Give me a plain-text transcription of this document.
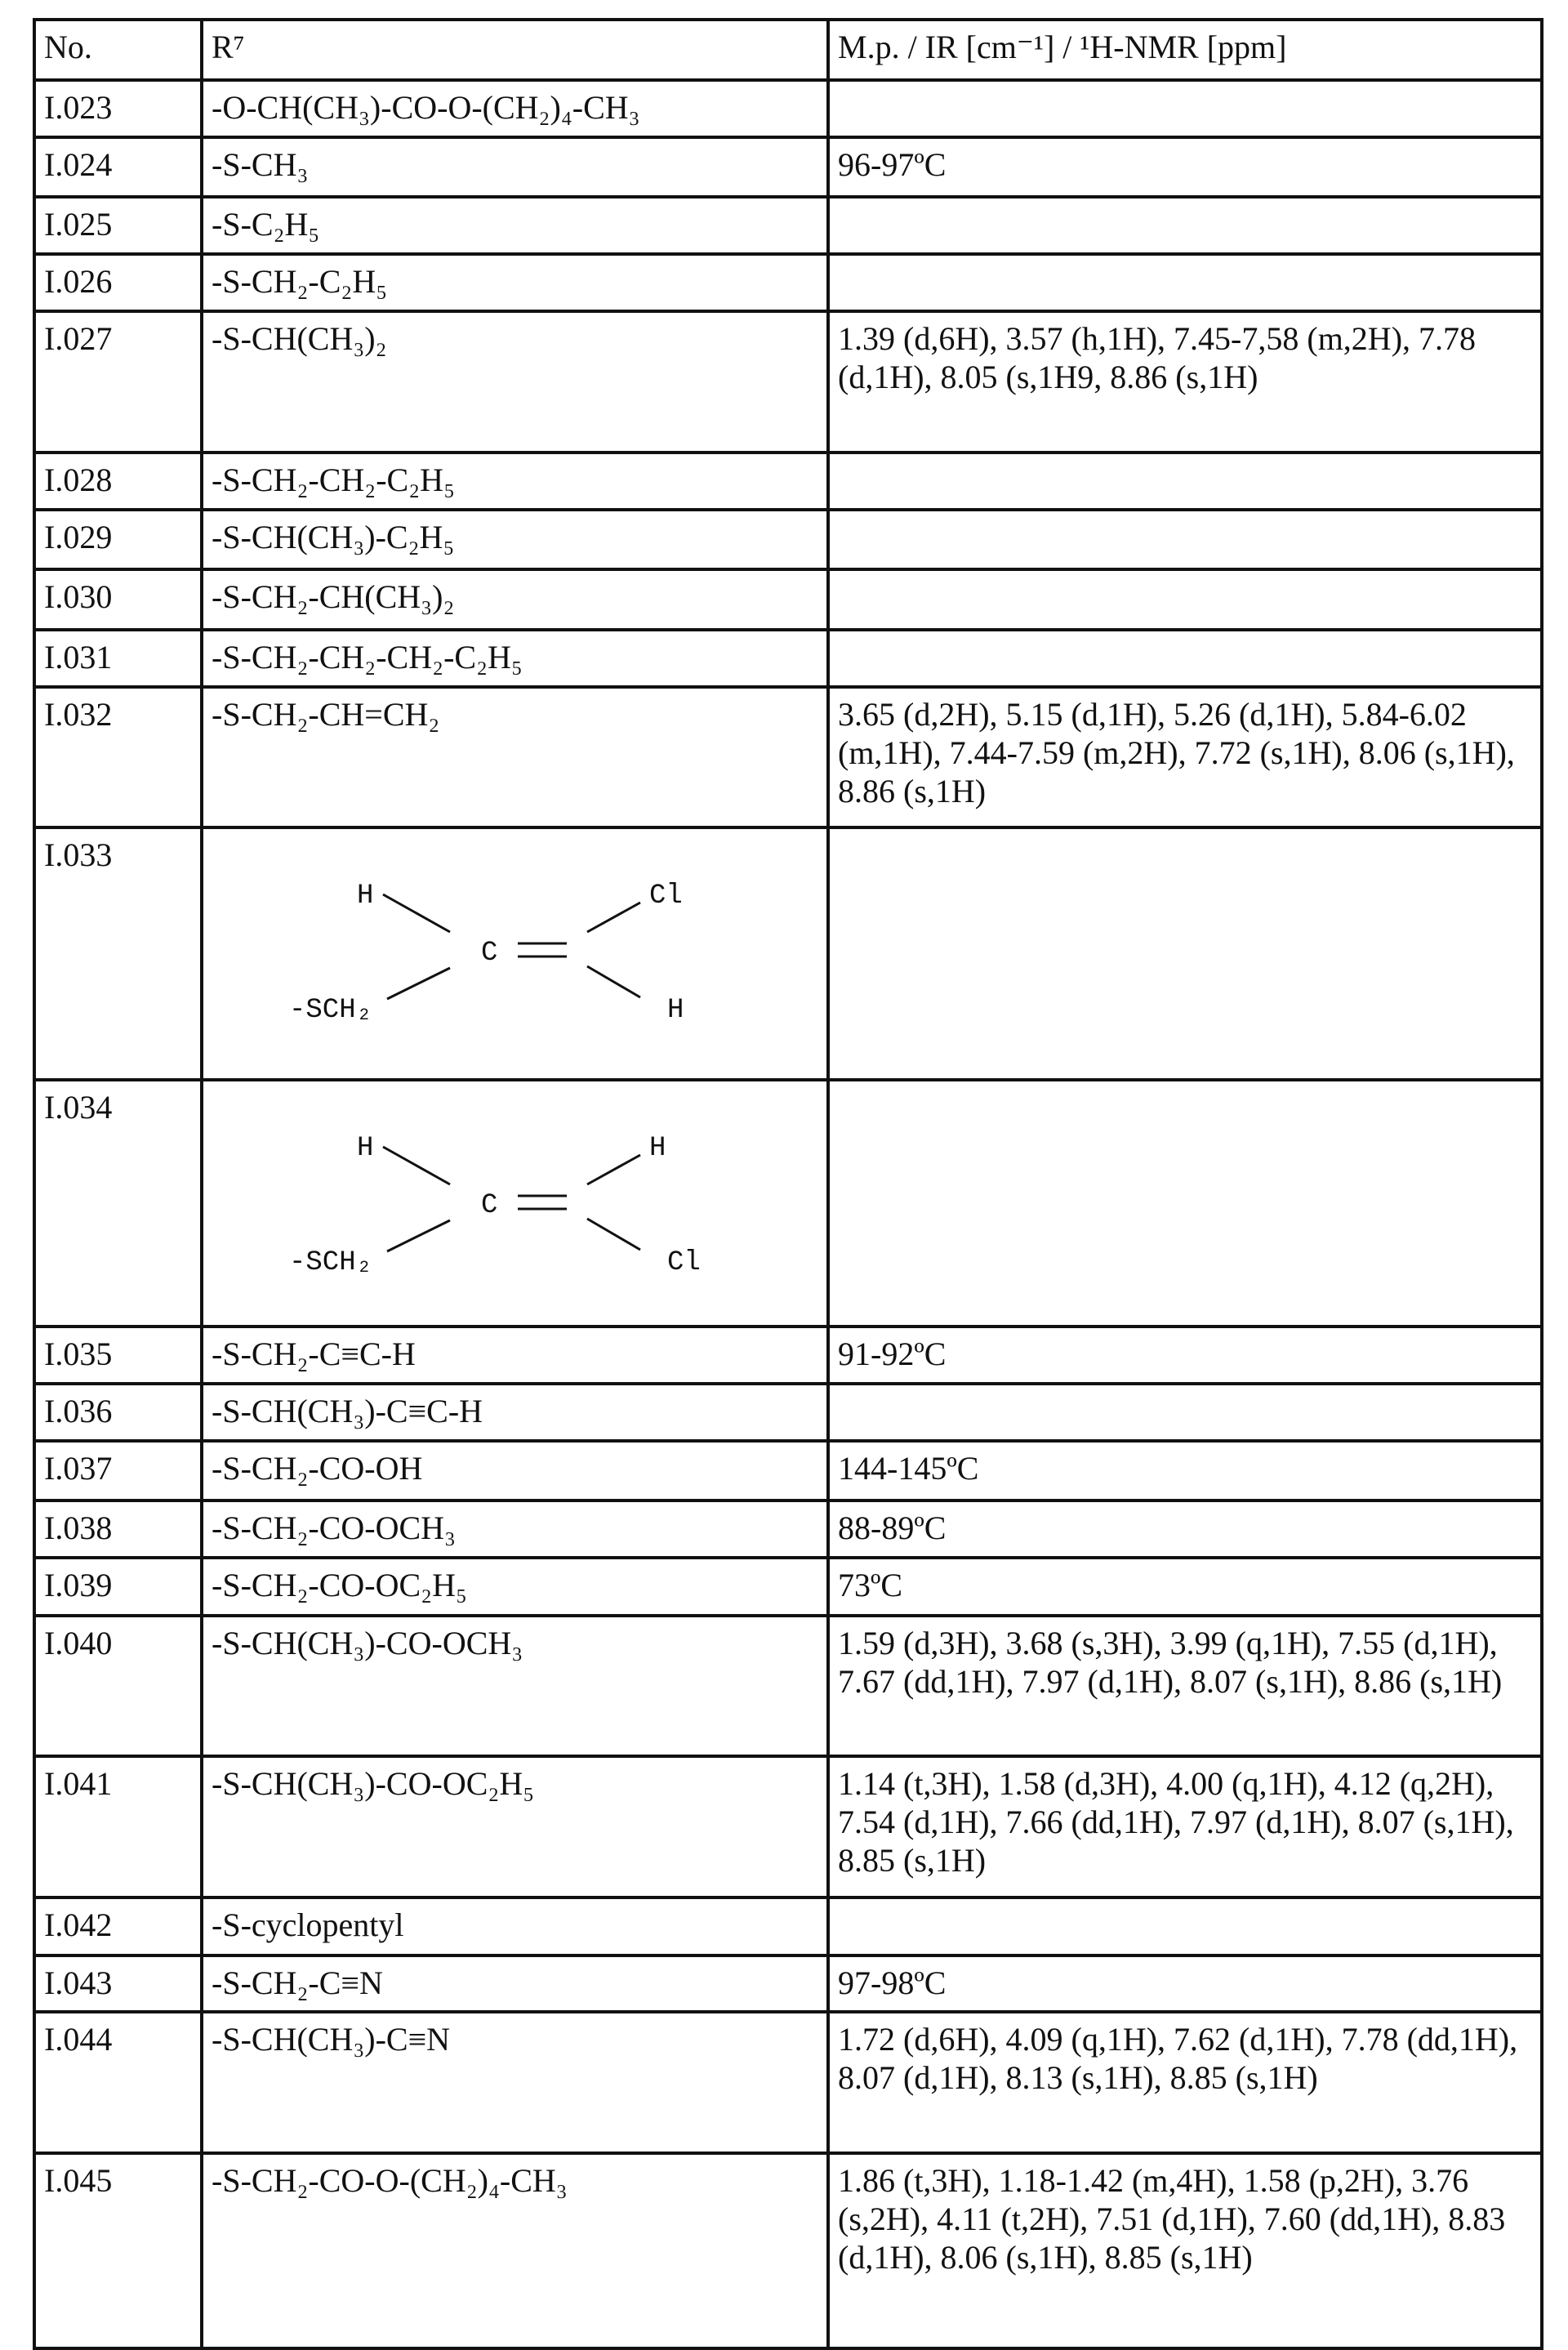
No.	R⁷	M.p. / IR [cm⁻¹] / ¹H-NMR [ppm]
I.023	-O-CH(CH₃)-CO-O-(CH₂)₄-CH₃	
I.024	-S-CH₃	96-97ºC
I.025	-S-C₂H₅	
I.026	-S-CH₂-C₂H₅	
I.027	-S-CH(CH₃)₂	1.39 (d,6H), 3.57 (h,1H), 7.45-7,58 (m,2H), 7.78 (d,1H), 8.05 (s,1H9, 8.86 (s,1H)
I.028	-S-CH₂-CH₂-C₂H₅	
I.029	-S-CH(CH₃)-C₂H₅	
I.030	-S-CH₂-CH(CH₃)₂	
I.031	-S-CH₂-CH₂-CH₂-C₂H₅	
I.032	-S-CH₂-CH=CH₂	3.65 (d,2H), 5.15 (d,1H), 5.26 (d,1H), 5.84-6.02 (m,1H), 7.44-7.59 (m,2H), 7.72 (s,1H), 8.06 (s,1H), 8.86 (s,1H)
I.033	
H	Cl
C
-SCH₂	H

I.034	
H	H
C
-SCH₂	Cl

I.035	-S-CH₂-C≡C-H	91-92ºC
I.036	-S-CH(CH₃)-C≡C-H	
I.037	-S-CH₂-CO-OH	144-145ºC
I.038	-S-CH₂-CO-OCH₃	88-89ºC
I.039	-S-CH₂-CO-OC₂H₅	73ºC
I.040	-S-CH(CH₃)-CO-OCH₃	1.59 (d,3H), 3.68 (s,3H), 3.99 (q,1H), 7.55 (d,1H), 7.67 (dd,1H), 7.97 (d,1H), 8.07 (s,1H), 8.86 (s,1H)
I.041	-S-CH(CH₃)-CO-OC₂H₅	1.14 (t,3H), 1.58 (d,3H), 4.00 (q,1H), 4.12 (q,2H), 7.54 (d,1H), 7.66 (dd,1H), 7.97 (d,1H), 8.07 (s,1H), 8.85 (s,1H)
I.042	-S-cyclopentyl	
I.043	-S-CH₂-C≡N	97-98ºC
I.044	-S-CH(CH₃)-C≡N	1.72 (d,6H), 4.09 (q,1H), 7.62 (d,1H), 7.78 (dd,1H), 8.07 (d,1H), 8.13 (s,1H), 8.85 (s,1H)
I.045	-S-CH₂-CO-O-(CH₂)₄-CH₃	1.86 (t,3H), 1.18-1.42 (m,4H), 1.58 (p,2H), 3.76 (s,2H), 4.11 (t,2H), 7.51 (d,1H), 7.60 (dd,1H), 8.83 (d,1H), 8.06 (s,1H), 8.85 (s,1H)
